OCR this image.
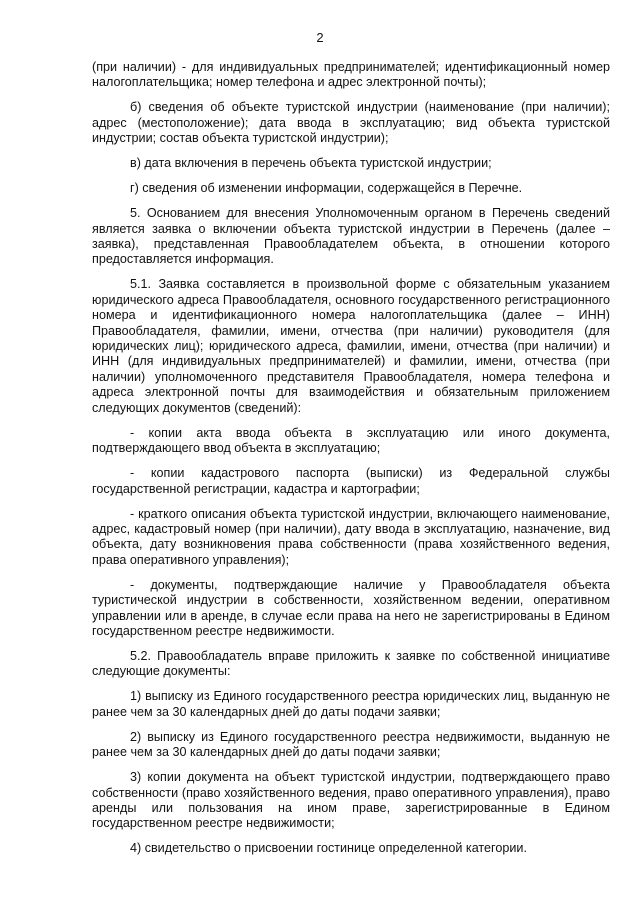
2

(при наличии) - для индивидуальных предпринимателей; идентификационный номер налогоплательщика; номер телефона и адрес электронной почты);

б) сведения об объекте туристской индустрии (наименование (при наличии); адрес (местоположение); дата ввода в эксплуатацию; вид объекта туристской индустрии; состав объекта туристской индустрии);

в) дата включения в перечень объекта туристской индустрии;

г) сведения об изменении информации, содержащейся в Перечне.

5. Основанием для внесения Уполномоченным органом в Перечень сведений является заявка о включении объекта туристской индустрии в Перечень (далее – заявка), представленная Правообладателем объекта, в отношении которого предоставляется информация.

5.1. Заявка составляется в произвольной форме с обязательным указанием юридического адреса Правообладателя, основного государственного регистрационного номера и идентификационного номера налогоплательщика (далее – ИНН) Правообладателя, фамилии, имени, отчества (при наличии) руководителя (для юридических лиц); юридического адреса, фамилии, имени, отчества (при наличии) и ИНН (для индивидуальных предпринимателей) и фамилии, имени, отчества (при наличии) уполномоченного представителя Правообладателя, номера телефона и адреса электронной почты для взаимодействия и обязательным приложением следующих документов (сведений):

- копии акта ввода объекта в эксплуатацию или иного документа, подтверждающего ввод объекта в эксплуатацию;

- копии кадастрового паспорта (выписки) из Федеральной службы государственной регистрации, кадастра и картографии;

- краткого описания объекта туристской индустрии, включающего наименование, адрес, кадастровый номер (при наличии), дату ввода в эксплуатацию, назначение, вид объекта, дату возникновения права собственности (права хозяйственного ведения, права оперативного управления);

- документы, подтверждающие наличие у Правообладателя объекта туристической индустрии в собственности, хозяйственном ведении, оперативном управлении или в аренде, в случае если права на него не зарегистрированы в Едином государственном реестре недвижимости.

5.2. Правообладатель вправе приложить к заявке по собственной инициативе следующие документы:

1) выписку из Единого государственного реестра юридических лиц, выданную не ранее чем за 30 календарных дней до даты подачи заявки;

2) выписку из Единого государственного реестра недвижимости, выданную не ранее чем за 30 календарных дней до даты подачи заявки;

3) копии документа на объект туристской индустрии, подтверждающего право собственности (право хозяйственного ведения, право оперативного управления), право аренды или пользования на ином праве, зарегистрированные в Едином государственном реестре недвижимости;

4) свидетельство о присвоении гостинице определенной категории.
